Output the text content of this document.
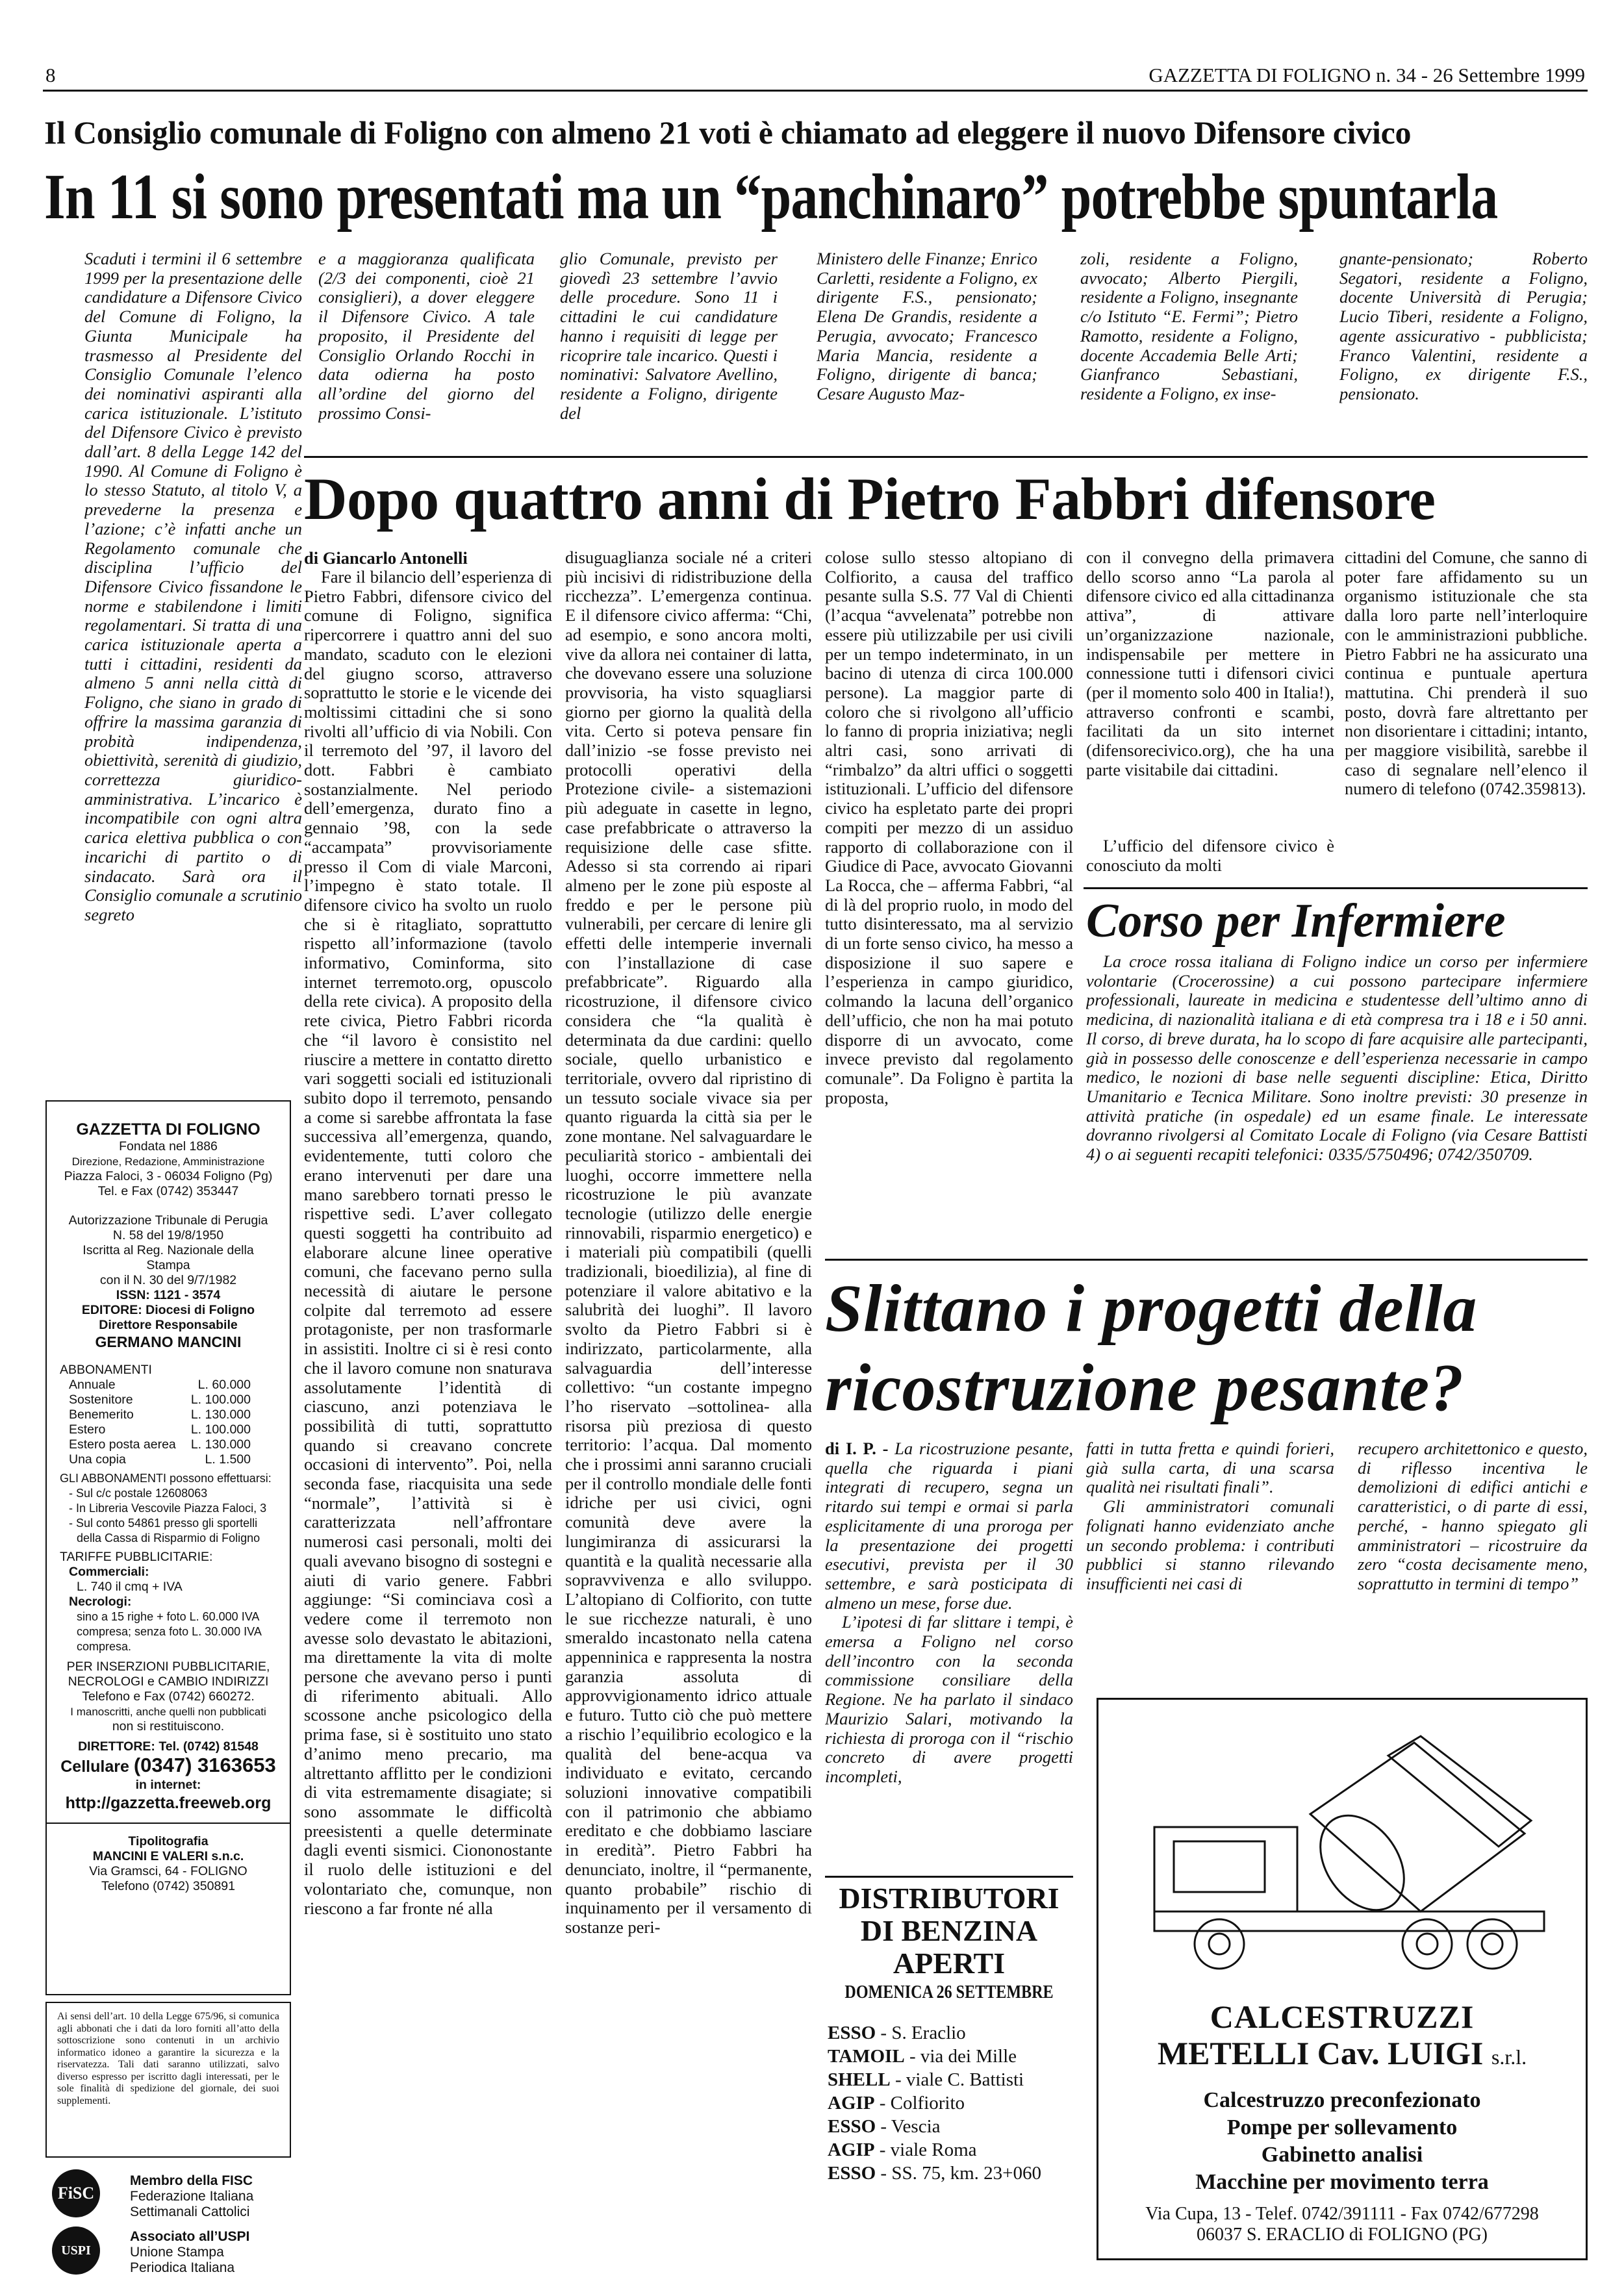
8	GAZZETTA DI FOLIGNO n. 34 - 26 Settembre 1999
Il Consiglio comunale di Foligno con almeno 21 voti è chiamato ad eleggere il nuovo Difensore civico
In 11 si sono presentati ma un “panchinaro” potrebbe spuntarla
Scaduti i termini il 6 settembre 1999 per la presentazione delle candidature a Difensore Civico del Comune di Foligno, la Giunta Municipale ha trasmesso al Presidente del Consiglio Comunale l’elenco dei nominativi aspiranti alla carica istituzionale. L’istituto del Difensore Civico è previsto dall’art. 8 della Legge 142 del 1990. Al Comune di Foligno è lo stesso Statuto, al titolo V, a prevederne la presenza e l’azione; c’è infatti anche un Regolamento comunale che disciplina l’ufficio del Difensore Civico fissandone le norme e stabilendone i limiti regolamentari. Si tratta di una carica istituzionale aperta a tutti i cittadini, residenti da almeno 5 anni nella città di Foligno, che siano in grado di offrire la massima garanzia di probità indipendenza, obiettività, serenità di giudizio, correttezza giuridico-amministrativa. L’incarico è incompatibile con ogni altra carica elettiva pubblica o con incarichi di partito o di sindacato. Sarà ora il Consiglio comunale a scrutinio segreto
e a maggioranza qualificata (2/3 dei componenti, cioè 21 consiglieri), a dover eleggere il Difensore Civico. A tale proposito, il Presidente del Consiglio Orlando Rocchi in data odierna ha posto all’ordine del giorno del prossimo Consi-
glio Comunale, previsto per giovedì 23 settembre l’avvio delle procedure. Sono 11 i cittadini le cui candidature hanno i requisiti di legge per ricoprire tale incarico. Questi i nominativi: Salvatore Avellino, residente a Foligno, dirigente del
Ministero delle Finanze; Enrico Carletti, residente a Foligno, ex dirigente F.S., pensionato; Elena De Grandis, residente a Perugia, avvocato; Francesco Maria Mancia, residente a Foligno, dirigente di banca; Cesare Augusto Maz-
zoli, residente a Foligno, avvocato; Alberto Piergili, residente a Foligno, insegnante c/o Istituto “E. Fermi”; Pietro Ramotto, residente a Foligno, docente Accademia Belle Arti; Gianfranco Sebastiani, residente a Foligno, ex inse-
gnante-pensionato; Roberto Segatori, residente a Foligno, docente Università di Perugia; Lucio Tiberi, residente a Foligno, agente assicurativo - pubblicista; Franco Valentini, residente a Foligno, ex dirigente F.S., pensionato.
Dopo quattro anni di Pietro Fabbri difensore
di Giancarlo Antonelli
Fare il bilancio dell’esperienza di Pietro Fabbri, difensore civico del comune di Foligno, significa ripercorrere i quattro anni del suo mandato, scaduto con le elezioni del giugno scorso, attraverso soprattutto le storie e le vicende dei moltissimi cittadini che si sono rivolti all’ufficio di via Nobili. Con il terremoto del ’97, il lavoro del dott. Fabbri è cambiato sostanzialmente. Nel periodo dell’emergenza, durato fino a gennaio ’98, con la sede “accampata” provvisoriamente presso il Com di viale Marconi, l’impegno è stato totale. Il difensore civico ha svolto un ruolo che si è ritagliato, soprattutto rispetto all’informazione (tavolo informativo, Cominforma, sito internet terremoto.org, opuscolo della rete civica). A proposito della rete civica, Pietro Fabbri ricorda che “il lavoro è consistito nel riuscire a mettere in contatto diretto vari soggetti sociali ed istituzionali subito dopo il terremoto, pensando a come si sarebbe affrontata la fase successiva all’emergenza, quando, evidentemente, tutti coloro che erano intervenuti per dare una mano sarebbero tornati presso le rispettive sedi. L’aver collegato questi soggetti ha contribuito ad elaborare alcune linee operative comuni, che facevano perno sulla necessità di aiutare le persone colpite dal terremoto ad essere protagoniste, per non trasformarle in assistiti. Inoltre ci si è resi conto che il lavoro comune non snaturava assolutamente l’identità di ciascuno, anzi potenziava le possibilità di tutti, soprattutto quando si creavano concrete occasioni di intervento”. Poi, nella seconda fase, riacquisita una sede “normale”, l’attività si è caratterizzata nell’affrontare numerosi casi personali, molti dei quali avevano bisogno di sostegni e aiuti di vario genere. Fabbri aggiunge: “Si cominciava così a vedere come il terremoto non avesse solo devastato le abitazioni, ma direttamente la vita di molte persone che avevano perso i punti di riferimento abituali. Allo scossone anche psicologico della prima fase, si è sostituito uno stato d’animo meno precario, ma altrettanto afflitto per le condizioni di vita estremamente disagiate; si sono assommate le difficoltà preesistenti a quelle determinate dagli eventi sismici. Ciononostante il ruolo delle istituzioni e del volontariato che, comunque, non riescono a far fronte né alla
disuguaglianza sociale né a criteri più incisivi di ridistribuzione della ricchezza”. L’emergenza continua. E il difensore civico afferma: “Chi, ad esempio, e sono ancora molti, vive da allora nei container di latta, che dovevano essere una soluzione provvisoria, ha visto squagliarsi giorno per giorno la qualità della vita. Certo si poteva pensare fin dall’inizio -se fosse previsto nei protocolli operativi della Protezione civile- a sistemazioni più adeguate in casette in legno, case prefabbricate o attraverso la requisizione delle case sfitte. Adesso si sta correndo ai ripari almeno per le zone più esposte al freddo e per le persone più vulnerabili, per cercare di lenire gli effetti delle intemperie invernali con l’installazione di case prefabbricate”. Riguardo alla ricostruzione, il difensore civico considera che “la qualità è determinata da due cardini: quello sociale, quello urbanistico e territoriale, ovvero dal ripristino di un tessuto sociale vivace sia per quanto riguarda la città sia per le zone montane. Nel salvaguardare le peculiarità storico - ambientali dei luoghi, occorre immettere nella ricostruzione le più avanzate tecnologie (utilizzo delle energie rinnovabili, risparmio energetico) e i materiali più compatibili (quelli tradizionali, bioedilizia), al fine di potenziare il valore abitativo e la salubrità dei luoghi”. Il lavoro svolto da Pietro Fabbri si è indirizzato, particolarmente, alla salvaguardia dell’interesse collettivo: “un costante impegno l’ho riservato –sottolinea- alla risorsa più preziosa di questo territorio: l’acqua. Dal momento che i prossimi anni saranno cruciali per il controllo mondiale delle fonti idriche per usi civici, ogni comunità deve avere la lungimiranza di assicurarsi la quantità e la qualità necessarie alla sopravvivenza e allo sviluppo. L’altopiano di Colfiorito, con tutte le sue ricchezze naturali, è uno smeraldo incastonato nella catena appenninica e rappresenta la nostra garanzia assoluta di approvvigionamento idrico attuale e futuro. Tutto ciò che può mettere a rischio l’equilibrio ecologico e la qualità del bene-acqua va individuato e evitato, cercando soluzioni innovative compatibili con il patrimonio che abbiamo ereditato e che dobbiamo lasciare in eredità”. Pietro Fabbri ha denunciato, inoltre, il “permanente, quanto probabile” rischio di inquinamento per il versamento di sostanze peri-
colose sullo stesso altopiano di Colfiorito, a causa del traffico pesante sulla S.S. 77 Val di Chienti (l’acqua “avvelenata” potrebbe non essere più utilizzabile per usi civili per un tempo indeterminato, in un bacino di utenza di circa 100.000 persone). La maggior parte di coloro che si rivolgono all’ufficio lo fanno di propria iniziativa; negli altri casi, sono arrivati di “rimbalzo” da altri uffici o soggetti istituzionali. L’ufficio del difensore civico ha espletato parte dei propri compiti per mezzo di un assiduo rapporto di collaborazione con il Giudice di Pace, avvocato Giovanni La Rocca, che – afferma Fabbri, “al di là del proprio ruolo, in modo del tutto disinteressato, ma al servizio di un forte senso civico, ha messo a disposizione il suo sapere e l’esperienza in campo giuridico, colmando la lacuna dell’organico dell’ufficio, che non ha mai potuto disporre di un avvocato, come invece previsto dal regolamento comunale”. Da Foligno è partita la proposta,
con il convegno della primavera dello scorso anno “La parola al difensore civico ed alla cittadinanza attiva”, di attivare un’organizzazione nazionale, indispensabile per mettere in connessione tutti i difensori civici (per il momento solo 400 in Italia!), attraverso confronti e scambi, facilitati da un sito internet (difensorecivico.org), che ha una parte visitabile dai cittadini.
L’ufficio del difensore civico è conosciuto da molti
cittadini del Comune, che sanno di poter fare affidamento su un organismo istituzionale che sta dalla loro parte nell’interloquire con le amministrazioni pubbliche. Pietro Fabbri ne ha assicurato una continua e puntuale apertura mattutina. Chi prenderà il suo posto, dovrà fare altrettanto per non disorientare i cittadini; intanto, per maggiore visibilità, sarebbe il caso di segnalare nell’elenco il numero di telefono (0742.359813).
Corso per Infermiere
La croce rossa italiana di Foligno indice un corso per infermiere volontarie (Crocerossine) a cui possono partecipare infermiere professionali, laureate in medicina e studentesse dell’ultimo anno di medicina, di nazionalità italiana e di età compresa tra i 18 e i 50 anni. Il corso, di breve durata, ha lo scopo di fare acquisire alle partecipanti, già in possesso delle conoscenze e dell’esperienza necessarie in campo medico, le nozioni di base nelle seguenti discipline: Etica, Diritto Umanitario e Tecnica Militare. Sono inoltre previsti: 30 presenze in attività pratiche (in ospedale) ed un esame finale. Le interessate dovranno rivolgersi al Comitato Locale di Foligno (via Cesare Battisti 4) o ai seguenti recapiti telefonici: 0335/5750496; 0742/350709.
Slittano i progetti della
ricostruzione pesante?

di I. P. - La ricostruzione pesante, quella che riguarda i piani integrati di recupero, segna un ritardo sui tempi e ormai si parla esplicitamente di una proroga per la presentazione dei progetti esecutivi, prevista per il 30 settembre, e sarà posticipata di almeno un mese, forse due.

L’ipotesi di far slittare i tempi, è emersa a Foligno nel corso dell’incontro con la seconda commissione consiliare della Regione. Ne ha parlato il sindaco Maurizio Salari, motivando la richiesta di proroga con il “rischio concreto di avere progetti incompleti,

fatti in tutta fretta e quindi forieri, già sulla carta, di una scarsa qualità nei risultati finali”.

Gli amministratori comunali folignati hanno evidenziato anche un secondo problema: i contributi pubblici si stanno rilevando insufficienti nei casi di

recupero architettonico e questo, di riflesso incentiva le demolizioni di edifici antichi e caratteristici, o di parte di essi, perché, - hanno spiegato gli amministratori – ricostruire da zero “costa decisamente meno, soprattutto in termini di tempo”
DISTRIBUTORI
DI BENZINA
APERTI
DOMENICA 26 SETTEMBRE
ESSO - S. Eraclio
TAMOIL - via dei Mille
SHELL - viale C. Battisti
AGIP - Colfiorito
ESSO - Vescia
AGIP - viale Roma
ESSO - SS. 75, km. 23+060
CALCESTRUZZI
METELLI Cav. LUIGI s.r.l.
Calcestruzzo preconfezionato
Pompe per sollevamento
Gabinetto analisi
Macchine per movimento terra
Via Cupa, 13 - Telef. 0742/391111 - Fax 0742/677298
06037 S. ERACLIO di FOLIGNO (PG)
GAZZETTA DI FOLIGNO
Fondata nel 1886
Direzione, Redazione, Amministrazione
Piazza Faloci, 3 - 06034 Foligno (Pg)
Tel. e Fax (0742) 353447
Autorizzazione Tribunale di Perugia
N. 58 del 19/8/1950
Iscritta al Reg. Nazionale della Stampa
con il N. 30 del 9/7/1982
ISSN: 1121 - 3574
EDITORE: Diocesi di Foligno
Direttore Responsabile
GERMANO MANCINI
ABBONAMENTI
Annuale	L. 60.000
Sostenitore	L. 100.000
Benemerito	L. 130.000
Estero	L. 100.000
Estero posta aerea L. 130.000
Una copia	L. 1.500
GLI ABBONAMENTI possono effettuarsi:
- Sul c/c postale 12608063
- In Libreria Vescovile Piazza Faloci, 3
- Sul conto 54861 presso gli sportelli
della Cassa di Risparmio di Foligno
TARIFFE PUBBLICITARIE:
Commerciali:
L. 740 il cmq + IVA
Necrologi:
sino a 15 righe + foto L. 60.000 IVA
compresa; senza foto L. 30.000 IVA
compresa.
PER INSERZIONI PUBBLICITARIE,
NECROLOGI e CAMBIO INDIRIZZI
Telefono e Fax (0742) 660272.
I manoscritti, anche quelli non pubblicati
non si restituiscono.
DIRETTORE: Tel. (0742) 81548
Cellulare (0347) 3163653
in internet:
http://gazzetta.freeweb.org
Tipolitografia
MANCINI E VALERI s.n.c.
Via Gramsci, 64 - FOLIGNO
Telefono (0742) 350891
Ai sensi dell’art. 10 della Legge 675/96, si comunica agli abbonati che i dati da loro forniti all’atto della sottoscrizione sono contenuti in un archivio informatico idoneo a garantire la sicurezza e la riservatezza. Tali dati saranno utilizzati, salvo diverso espresso per iscritto dagli interessati, per le sole finalità di spedizione del giornale, dei suoi supplementi.
FiSC
Membro della FISC
Federazione Italiana
Settimanali Cattolici
USPI
Associato all’USPI
Unione Stampa
Periodica Italiana
